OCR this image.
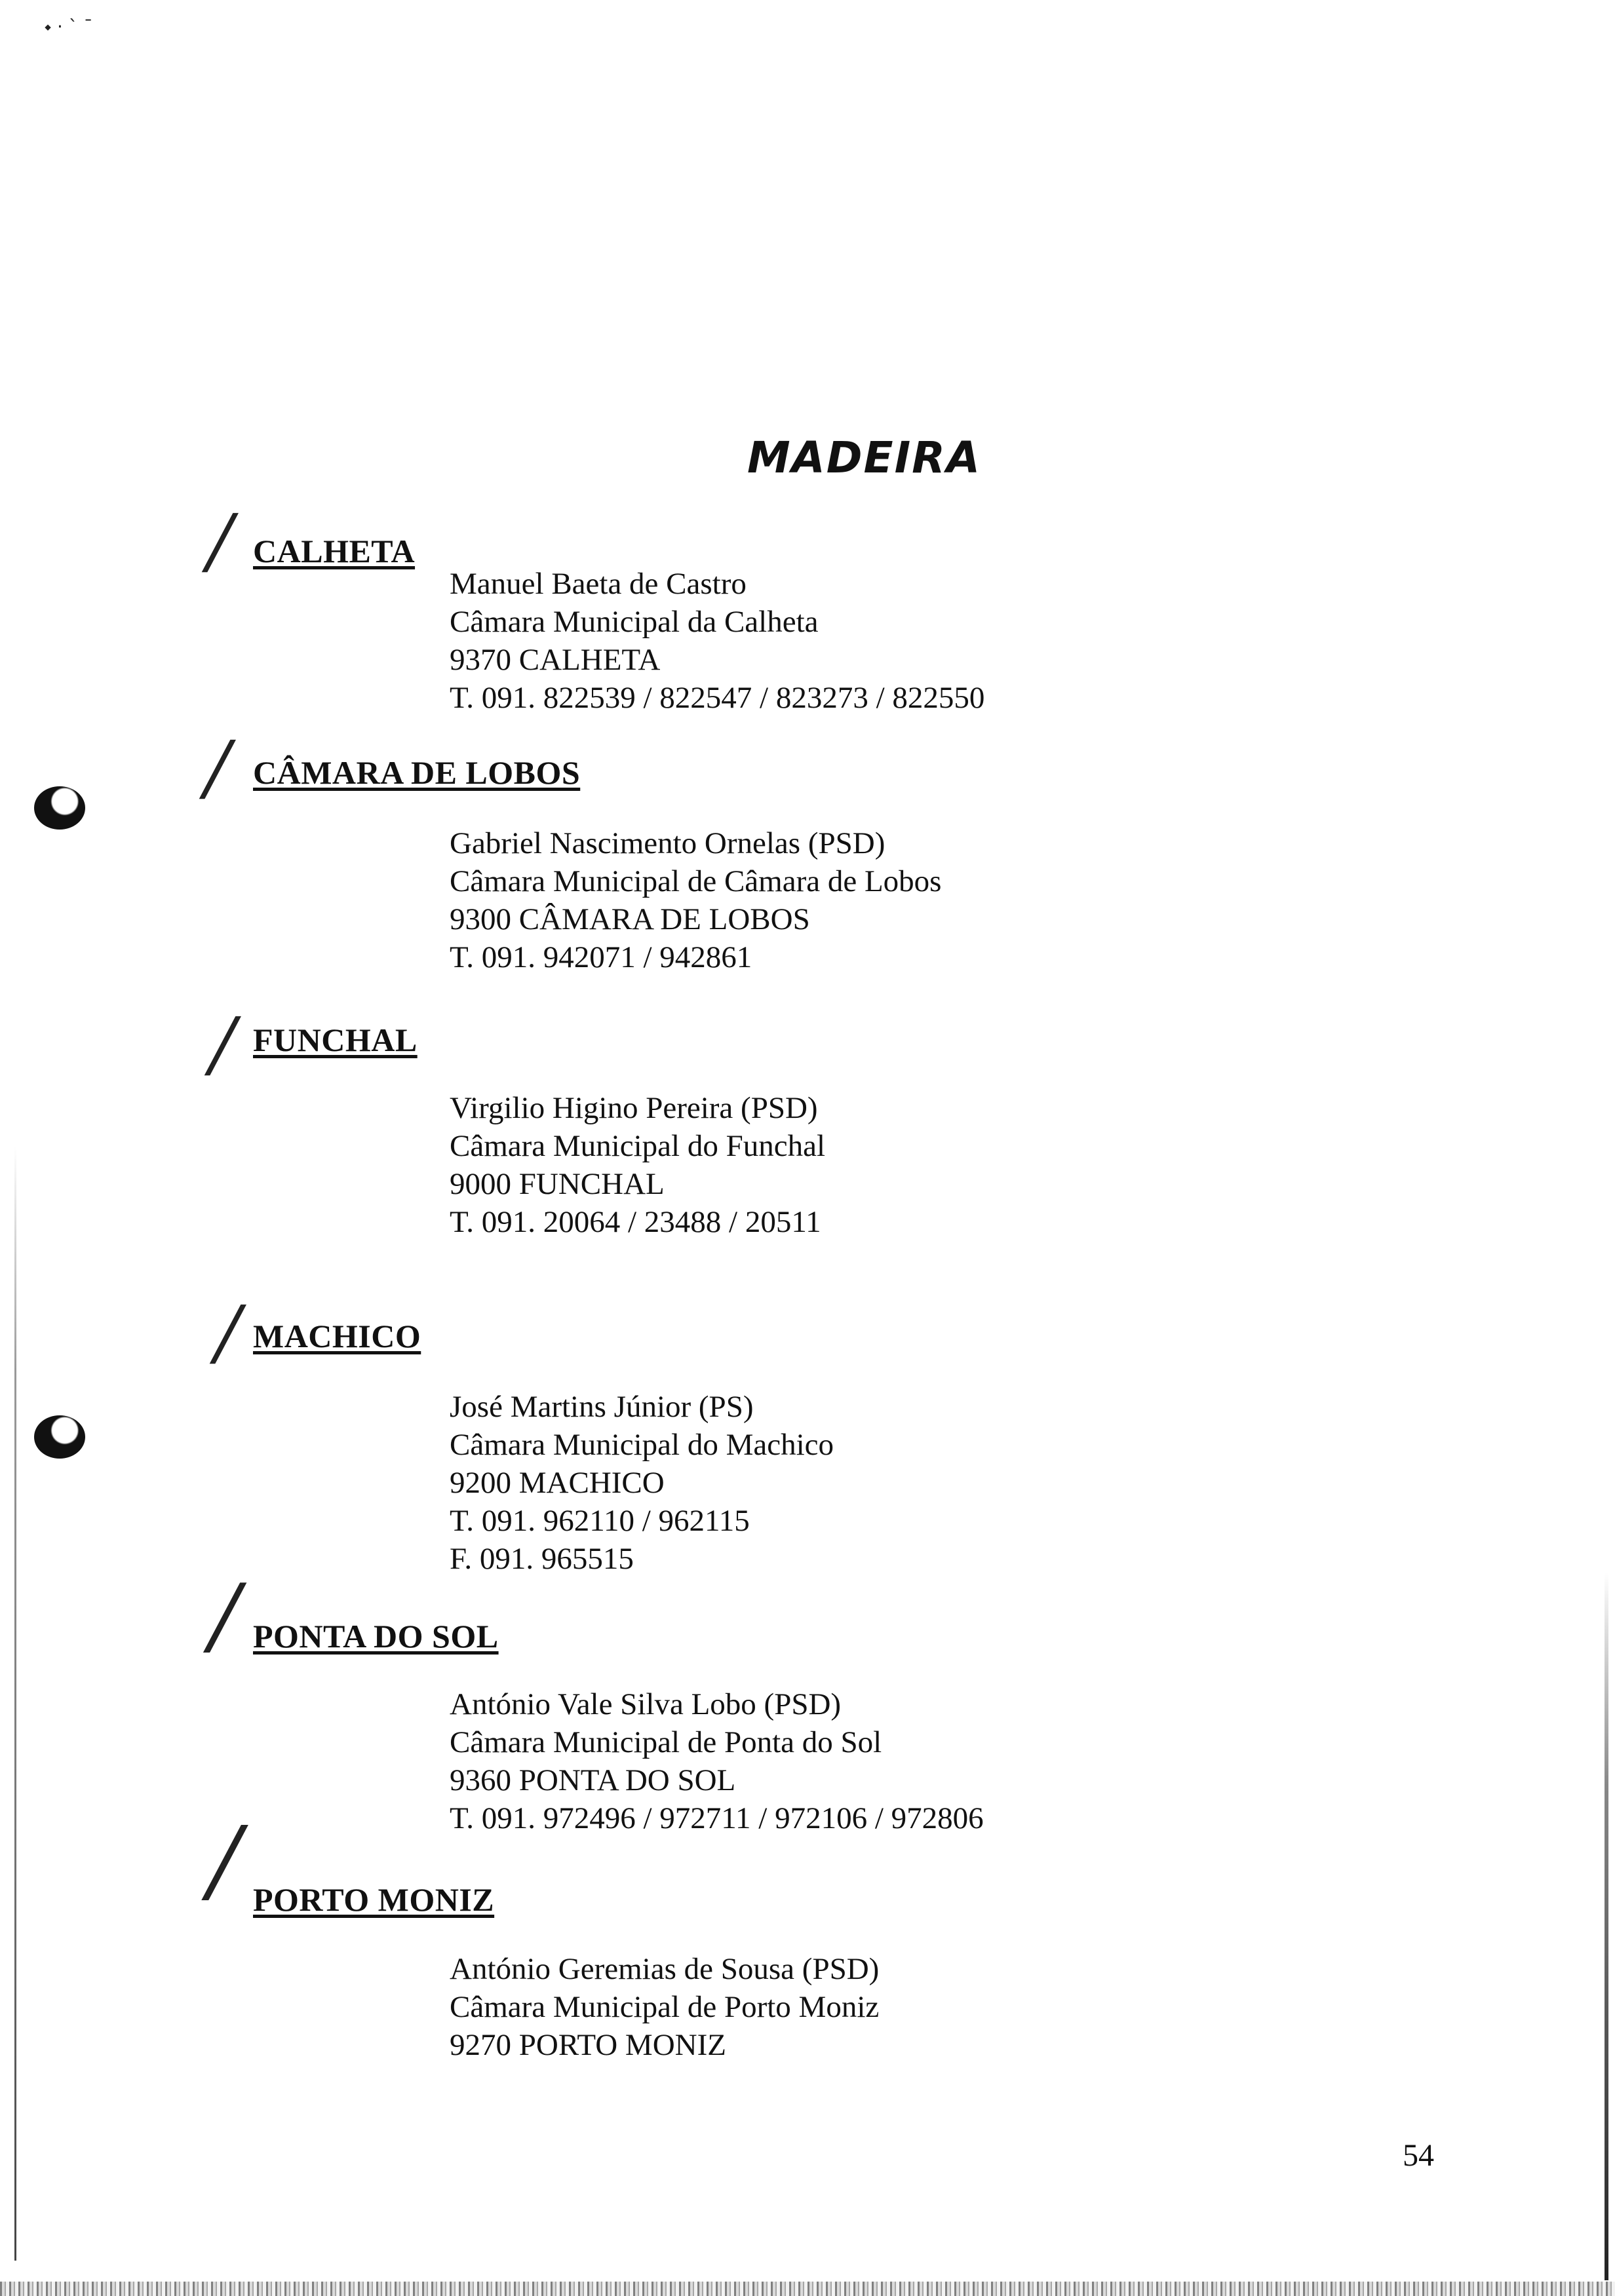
⬩ · ˋ ˉ
MADEIRA
/ CALHETA
Manuel Baeta de Castro
Câmara Municipal da Calheta
9370 CALHETA
T. 091. 822539 / 822547 / 823273 / 822550
/ CÂMARA DE LOBOS
Gabriel Nascimento Ornelas (PSD)
Câmara Municipal de Câmara de Lobos
9300 CÂMARA DE LOBOS
T. 091. 942071 / 942861
/ FUNCHAL
Virgilio Higino Pereira (PSD)
Câmara Municipal do Funchal
9000 FUNCHAL
T. 091. 20064 / 23488 / 20511
/ MACHICO
José Martins Júnior (PS)
Câmara Municipal do Machico
9200 MACHICO
T. 091. 962110 / 962115
F. 091. 965515
/ PONTA DO SOL
António Vale Silva Lobo (PSD)
Câmara Municipal de Ponta do Sol
9360 PONTA DO SOL
T. 091. 972496 / 972711 / 972106 / 972806
/ PORTO MONIZ
António Geremias de Sousa (PSD)
Câmara Municipal de Porto Moniz
9270 PORTO MONIZ
54
